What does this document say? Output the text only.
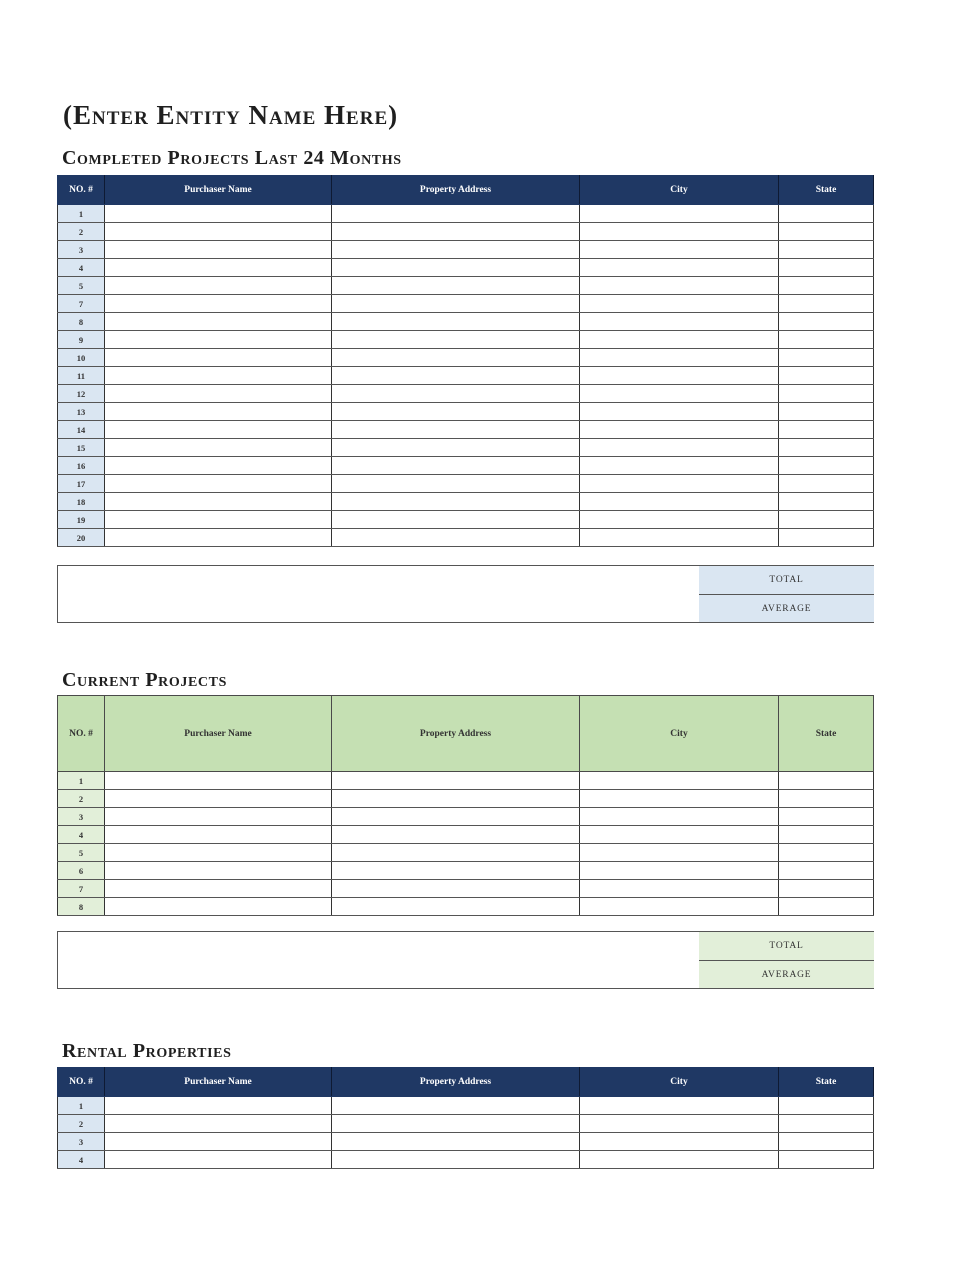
(Enter Entity Name Here)
Completed Projects Last 24 Months
NO. #	Purchaser Name	Property Address	City	State
1				
2				
3				
4				
5				
7				
8				
9				
10				
11				
12				
13				
14				
15				
16				
17				
18				
19				
20				
TOTAL
AVERAGE
Current Projects
NO. #	Purchaser Name	Property Address	City	State
1				
2				
3				
4				
5				
6				
7				
8				
TOTAL
AVERAGE
Rental Properties
NO. #	Purchaser Name	Property Address	City	State
1				
2				
3				
4				
